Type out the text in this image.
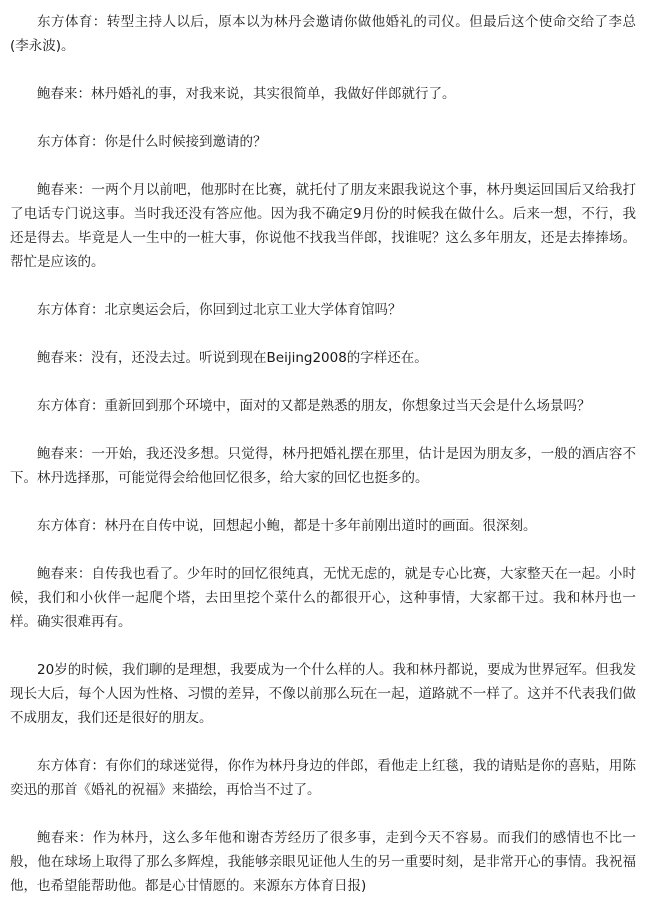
东方体育：转型主持人以后，原本以为林丹会邀请你做他婚礼的司仪。但最后这个使命交给了李总(李永波)。

鲍春来：林丹婚礼的事，对我来说，其实很简单，我做好伴郎就行了。

东方体育：你是什么时候接到邀请的？

鲍春来：一两个月以前吧，他那时在比赛，就托付了朋友来跟我说这个事，林丹奥运回国后又给我打了电话专门说这事。当时我还没有答应他。因为我不确定9月份的时候我在做什么。后来一想，不行，我还是得去。毕竟是人一生中的一桩大事，你说他不找我当伴郎，找谁呢？这么多年朋友，还是去捧捧场。帮忙是应该的。

东方体育：北京奥运会后，你回到过北京工业大学体育馆吗？

鲍春来：没有，还没去过。听说到现在Beijing2008的字样还在。

东方体育：重新回到那个环境中，面对的又都是熟悉的朋友，你想象过当天会是什么场景吗？

鲍春来：一开始，我还没多想。只觉得，林丹把婚礼摆在那里，估计是因为朋友多，一般的酒店容不下。林丹选择那，可能觉得会给他回忆很多，给大家的回忆也挺多的。

东方体育：林丹在自传中说，回想起小鲍，都是十多年前刚出道时的画面。很深刻。

鲍春来：自传我也看了。少年时的回忆很纯真，无忧无虑的，就是专心比赛，大家整天在一起。小时候，我们和小伙伴一起爬个塔，去田里挖个菜什么的都很开心，这种事情，大家都干过。我和林丹也一样。确实很难再有。

20岁的时候，我们聊的是理想，我要成为一个什么样的人。我和林丹都说，要成为世界冠军。但我发现长大后，每个人因为性格、习惯的差异，不像以前那么玩在一起，道路就不一样了。这并不代表我们做不成朋友，我们还是很好的朋友。

东方体育：有你们的球迷觉得，你作为林丹身边的伴郎，看他走上红毯，我的请贴是你的喜贴，用陈奕迅的那首《婚礼的祝福》来描绘，再恰当不过了。

鲍春来：作为林丹，这么多年他和谢杏芳经历了很多事，走到今天不容易。而我们的感情也不比一般，他在球场上取得了那么多辉煌，我能够亲眼见证他人生的另一重要时刻，是非常开心的事情。我祝福他，也希望能帮助他。都是心甘情愿的。来源东方体育日报)
